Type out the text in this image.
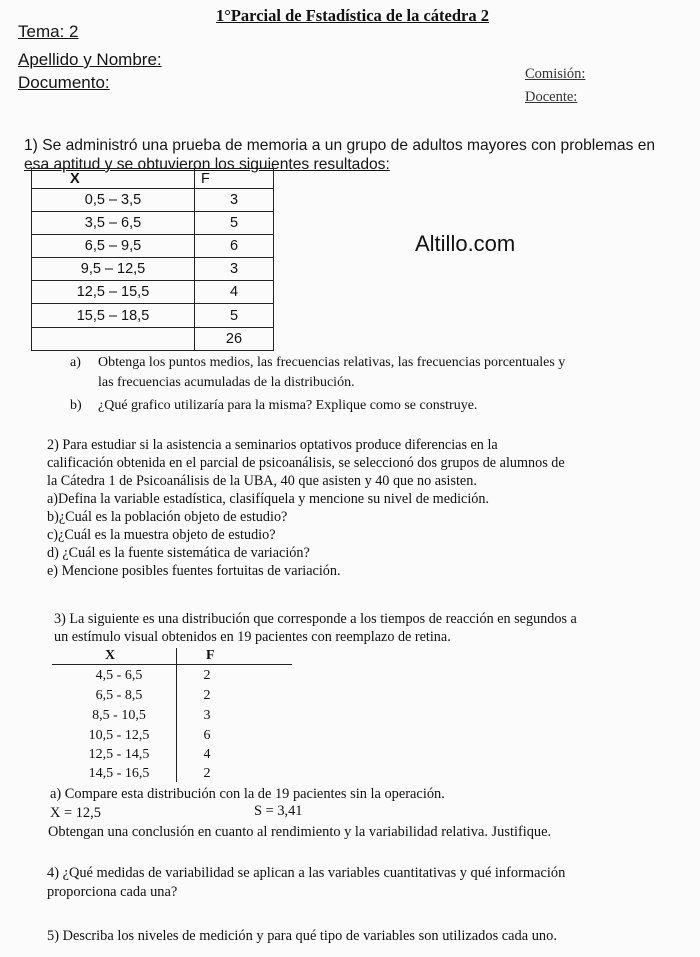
1°Parcial de Fstadística de la cátedra 2
Tema: 2
Apellido y Nombre:
Documento:	Comisión:
Docente:
Altillo.com
1) Se administró una prueba de memoria a un grupo de adultos mayores con problemas en
esa aptitud y se obtuvieron los siguientes resultados:
X	F
0,5 – 3,5	3
3,5 – 6,5	5
6,5 – 9,5	6
9,5 – 12,5	3
12,5 – 15,5	4
15,5 – 18,5	5
	26
a) Obtenga los puntos medios, las frecuencias relativas, las frecuencias porcentuales y
las frecuencias acumuladas de la distribución.
b) ¿Qué grafico utilizaría para la misma? Explique como se construye.
2) Para estudiar si la asistencia a seminarios optativos produce diferencias en la
calificación obtenida en el parcial de psicoanálisis, se seleccionó dos grupos de alumnos de
la Cátedra 1 de Psicoanálisis de la UBA, 40 que asisten y 40 que no asisten.
a)Defina la variable estadística, clasifíquela y mencione su nivel de medición.
b)¿Cuál es la población objeto de estudio?
c)¿Cuál es la muestra objeto de estudio?
d) ¿Cuál es la fuente sistemática de variación?
e) Mencione posibles fuentes fortuitas de variación.
3) La siguiente es una distribución que corresponde a los tiempos de reacción en segundos a
un estímulo visual obtenidos en 19 pacientes con reemplazo de retina.
X	F
4,5 - 6,5	2
6,5 - 8,5	2
8,5 - 10,5	3
10,5 - 12,5	6
12,5 - 14,5	4
14,5 - 16,5	2
a) Compare esta distribución con la de 19 pacientes sin la operación.
X = 12,5	S = 3,41
Obtengan una conclusión en cuanto al rendimiento y la variabilidad relativa. Justifique.
4) ¿Qué medidas de variabilidad se aplican a las variables cuantitativas y qué información
proporciona cada una?
5) Describa los niveles de medición y para qué tipo de variables son utilizados cada uno.
